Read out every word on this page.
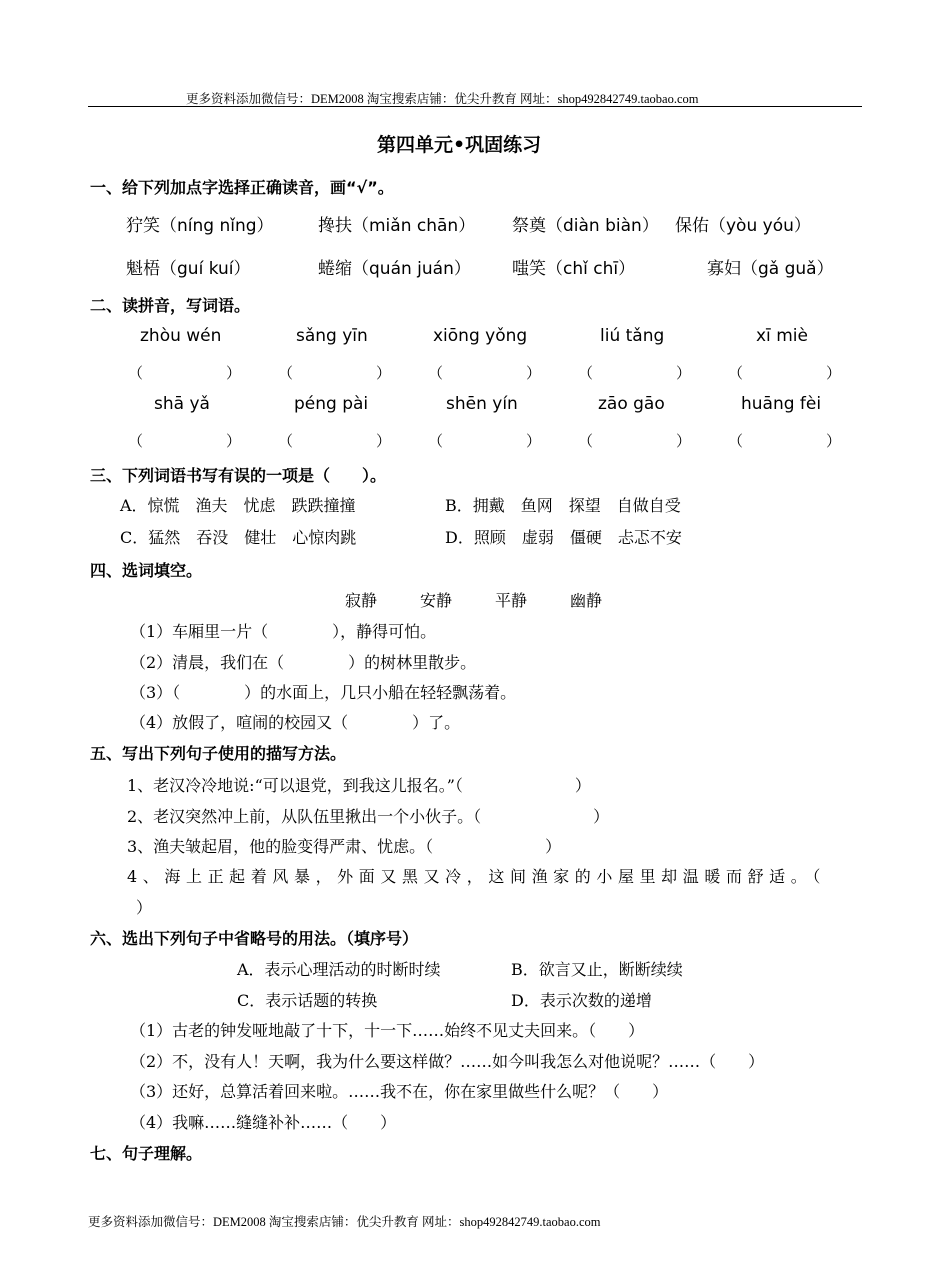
更多资料添加微信号：DEM2008 淘宝搜索店铺：优尖升教育 网址：shop492842749.taobao.com
第四单元•巩固练习
一、给下列加点字选择正确读音，画“√”。
狞笑（níng nǐng）	搀扶（miǎn chān） 祭奠（diàn biàn） 保佑（yòu yóu）
魁梧（guí kuí）	蜷缩（quán juán） 嗤笑（chǐ chī）	寡妇（gǎ guǎ）
二、读拼音，写词语。
zhòu wén	sǎng yīn	xiōng yǒng	liú tǎng	xī miè
（	） （	） （	） （	） （	）
shā yǎ	péng pài	shēn yín	zāo gāo	huāng fèi
（	） （	） （	） （	） （	）
三、下列词语书写有误的一项是（　　）。
A．惊慌　渔夫　忧虑　跌跌撞撞	B．拥戴　鱼网　探望　自做自受
C．猛然　吞没　健壮　心惊肉跳	D．照顾　虚弱　僵硬　忐忑不安
四、选词填空。
寂静	安静	平静	幽静
（1）车厢里一片（　　　　），静得可怕。
（2）清晨，我们在（　　　　）的树林里散步。
（3）（　　　　）的水面上，几只小船在轻轻飘荡着。
（4）放假了，喧闹的校园又（　　　　）了。
五、写出下列句子使用的描写方法。
1、老汉冷冷地说:“可以退党，到我这儿报名。”（　　　　　　　）
2、老汉突然冲上前，从队伍里揪出一个小伙子。（　　　　　　　）
3、渔夫皱起眉，他的脸变得严肃、忧虑。（　　　　　　　）
4、海上正起着风暴，外面又黑又冷，这间渔家的小屋里却温暖而舒适。（
）
六、选出下列句子中省略号的用法。（填序号）
A．表示心理活动的时断时续	B．欲言又止，断断续续
C．表示话题的转换	D．表示次数的递增
（1）古老的钟发哑地敲了十下，十一下……始终不见丈夫回来。（　　）
（2）不，没有人！天啊，我为什么要这样做？……如今叫我怎么对他说呢？……（　　）
（3）还好，总算活着回来啦。……我不在，你在家里做些什么呢？（　　）
（4）我嘛……缝缝补补……（　　）
七、句子理解。
更多资料添加微信号：DEM2008 淘宝搜索店铺：优尖升教育 网址：shop492842749.taobao.com
